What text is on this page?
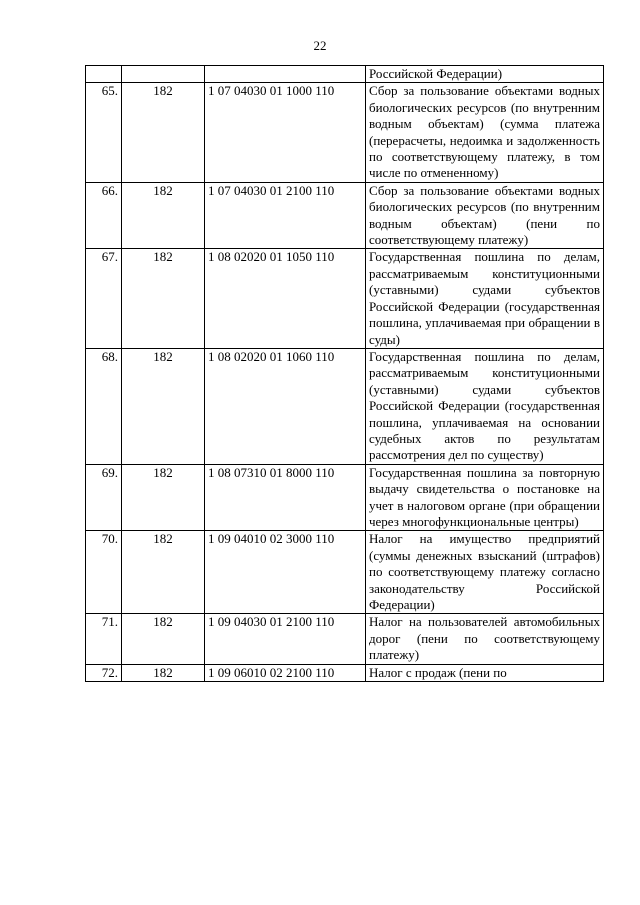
22
			Российской Федерации)
65.	182	1 07 04030 01 1000 110	Сбор за пользование объектами водных биологических ресурсов (по внутренним водным объектам) (сумма платежа (перерасчеты, недоимка и задолженность по соответствующему платежу, в том числе по отмененному)
66.	182	1 07 04030 01 2100 110	Сбор за пользование объектами водных биологических ресурсов (по внутренним водным объектам) (пени по соответствующему платежу)
67.	182	1 08 02020 01 1050 110	Государственная пошлина по делам, рассматриваемым конституционными (уставными) судами субъектов Российской Федерации (государственная пошлина, уплачиваемая при обращении в суды)
68.	182	1 08 02020 01 1060 110	Государственная пошлина по делам, рассматриваемым конституционными (уставными) судами субъектов Российской Федерации (государственная пошлина, уплачиваемая на основании судебных актов по результатам рассмотрения дел по существу)
69.	182	1 08 07310 01 8000 110	Государственная пошлина за повторную выдачу свидетельства о постановке на учет в налоговом органе (при обращении через многофункциональные центры)
70.	182	1 09 04010 02 3000 110	Налог на имущество предприятий (суммы денежных взысканий (штрафов) по соответствующему платежу согласно законодательству Российской Федерации)
71.	182	1 09 04030 01 2100 110	Налог на пользователей автомобильных дорог (пени по соответствующему платежу)
72.	182	1 09 06010 02 2100 110	Налог с продаж (пени по
